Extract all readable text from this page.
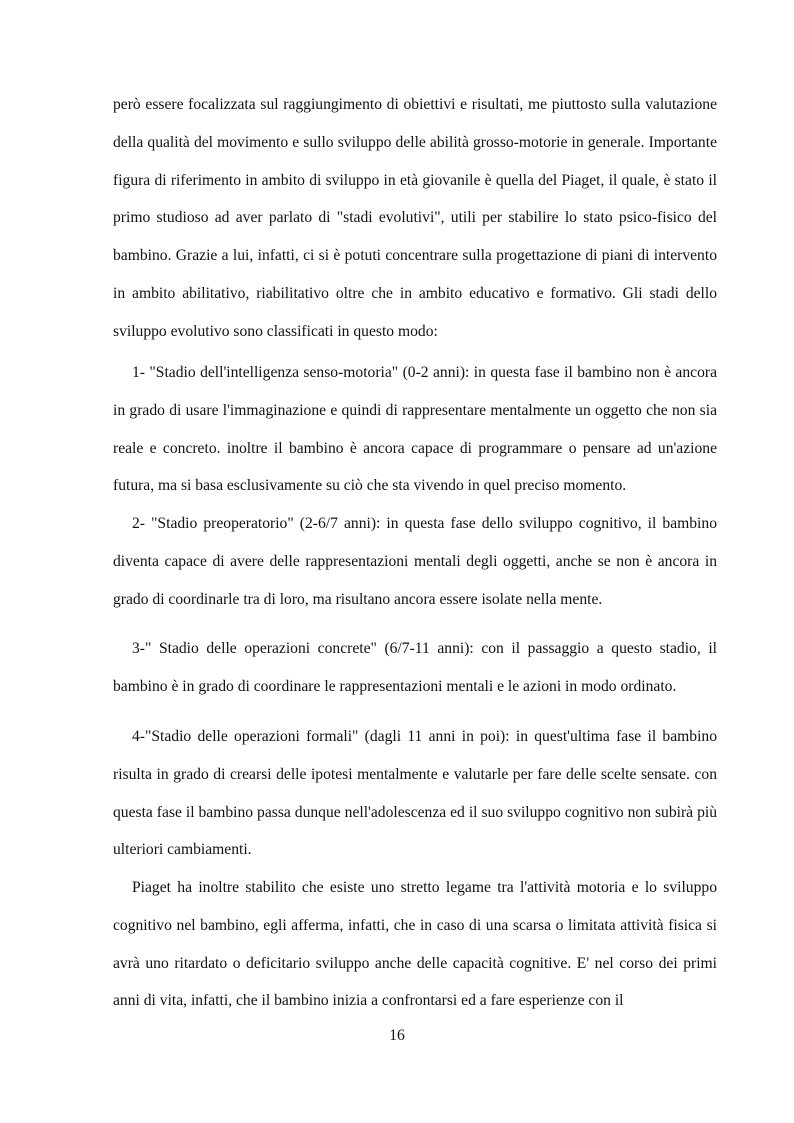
però essere focalizzata sul raggiungimento di obiettivi e risultati, me piuttosto sulla valutazione della qualità del movimento e sullo sviluppo delle abilità grosso-motorie in generale. Importante figura di riferimento in ambito di sviluppo in età giovanile è quella del Piaget, il quale, è stato il primo studioso ad aver parlato di "stadi evolutivi", utili per stabilire lo stato psico-fisico del bambino. Grazie a lui, infatti, ci si è potuti concentrare sulla progettazione di piani di intervento in ambito abilitativo, riabilitativo oltre che in ambito educativo e formativo. Gli stadi dello sviluppo evolutivo sono classificati in questo modo:

1- "Stadio dell'intelligenza senso-motoria" (0-2 anni): in questa fase il bambino non è ancora in grado di usare l'immaginazione e quindi di rappresentare mentalmente un oggetto che non sia reale e concreto. inoltre il bambino è ancora capace di programmare o pensare ad un'azione futura, ma si basa esclusivamente su ciò che sta vivendo in quel preciso momento.

2- "Stadio preoperatorio" (2-6/7 anni): in questa fase dello sviluppo cognitivo, il bambino diventa capace di avere delle rappresentazioni mentali degli oggetti, anche se non è ancora in grado di coordinarle tra di loro, ma risultano ancora essere isolate nella mente.

3-" Stadio delle operazioni concrete" (6/7-11 anni): con il passaggio a questo stadio, il bambino è in grado di coordinare le rappresentazioni mentali e le azioni in modo ordinato.

4-"Stadio delle operazioni formali" (dagli 11 anni in poi): in quest'ultima fase il bambino risulta in grado di crearsi delle ipotesi mentalmente e valutarle per fare delle scelte sensate. con questa fase il bambino passa dunque nell'adolescenza ed il suo sviluppo cognitivo non subirà più ulteriori cambiamenti.

Piaget ha inoltre stabilito che esiste uno stretto legame tra l'attività motoria e lo sviluppo cognitivo nel bambino, egli afferma, infatti, che in caso di una scarsa o limitata attività fisica si avrà uno ritardato o deficitario sviluppo anche delle capacità cognitive. E' nel corso dei primi anni di vita, infatti, che il bambino inizia a confrontarsi ed a fare esperienze con il

16
